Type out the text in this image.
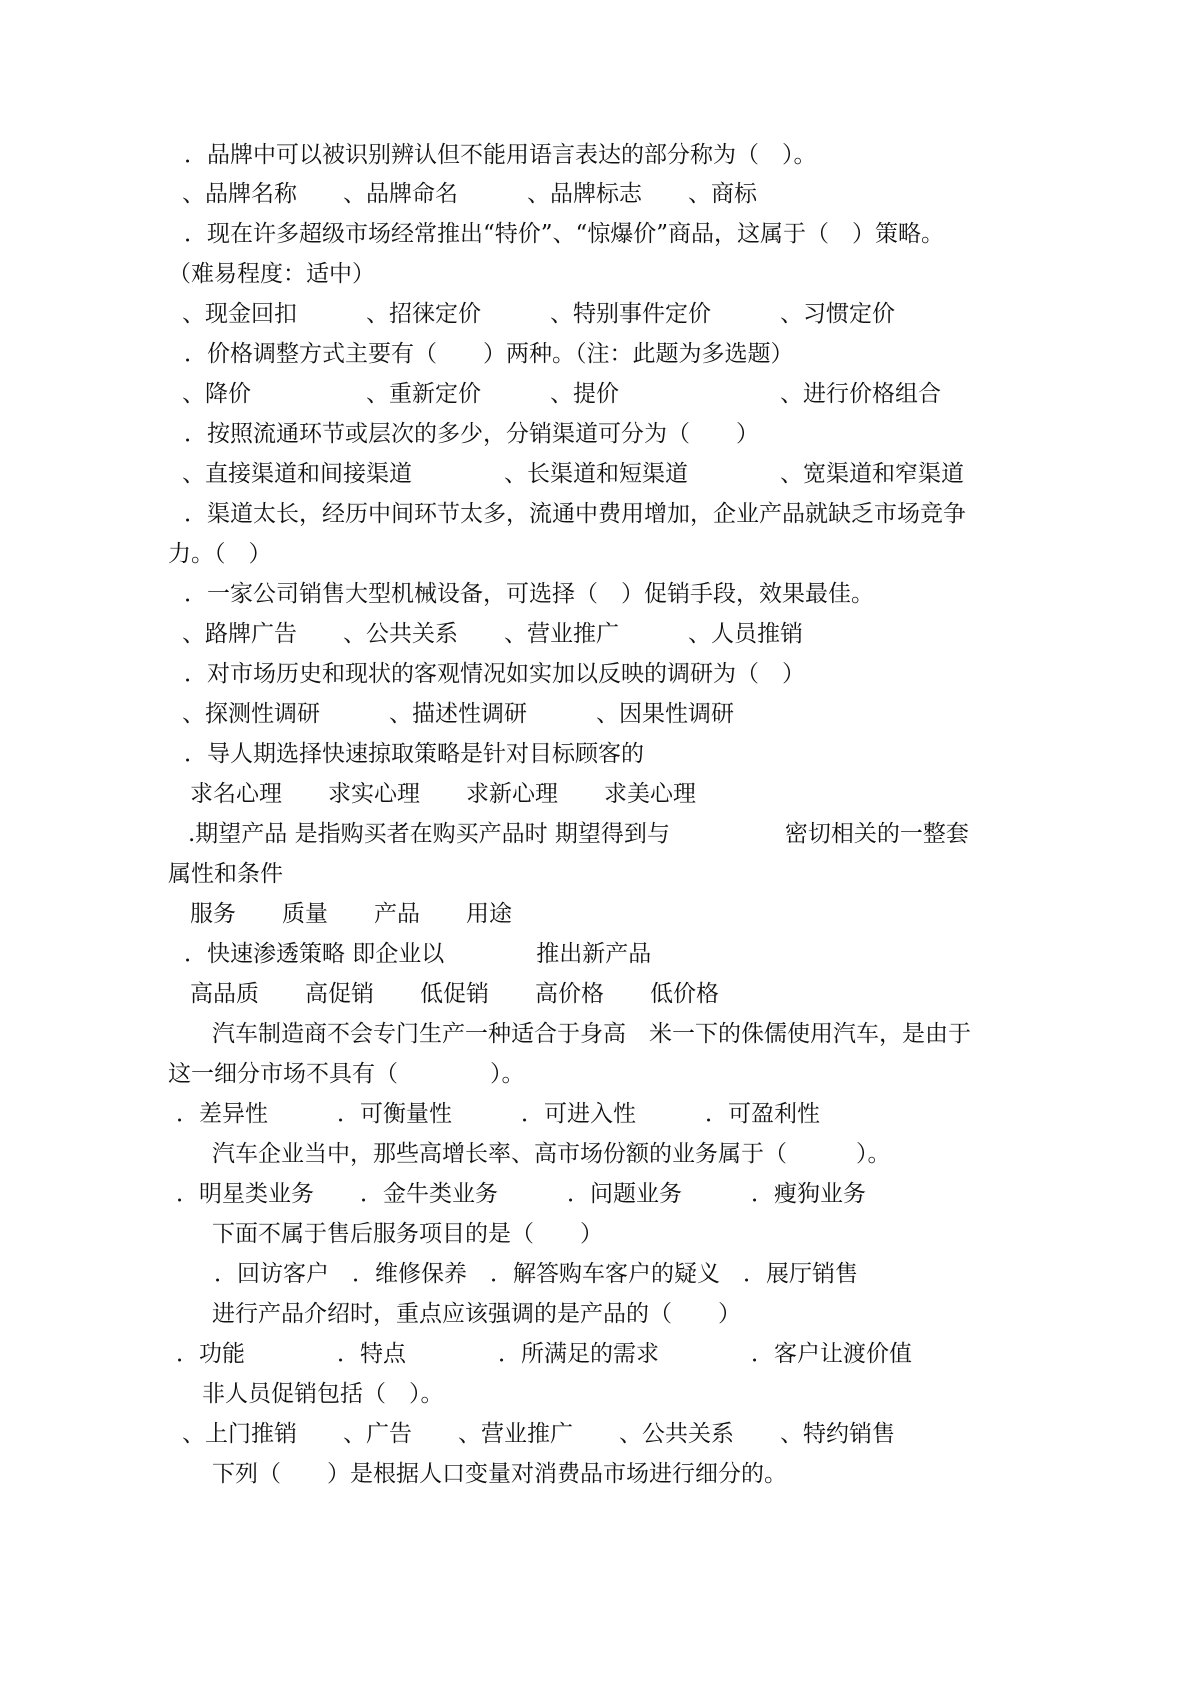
．品牌中可以被识别辨认但不能用语言表达的部分称为（　）。
、品牌名称　　、品牌命名　　　、品牌标志　　、商标
．现在许多超级市场经常推出“特价”、“惊爆价”商品，这属于（　）策略。
（难易程度：适中）
、现金回扣　　　、招徕定价　　　、特别事件定价　　　、习惯定价
．价格调整方式主要有（　　）两种。（注：此题为多选题）
、降价　　　　　、重新定价　　　、提价　　　　　　　、进行价格组合
．按照流通环节或层次的多少，分销渠道可分为（　　）
、直接渠道和间接渠道　　　　、长渠道和短渠道　　　　、宽渠道和窄渠道
．渠道太长，经历中间环节太多，流通中费用增加，企业产品就缺乏市场竞争
力。（　）
．一家公司销售大型机械设备，可选择（　）促销手段，效果最佳。
、路牌广告　　、公共关系　　、营业推广　　　、人员推销
．对市场历史和现状的客观情况如实加以反映的调研为（　）
、探测性调研　　　、描述性调研　　　、因果性调研
．导人期选择快速掠取策略是针对目标顾客的
求名心理　　求实心理　　求新心理　　求美心理
.期望产品 是指购买者在购买产品时 期望得到与　　　　　密切相关的一整套
属性和条件
服务　　质量　　产品　　用途
．快速渗透策略 即企业以　　　　推出新产品
高品质　　高促销　　低促销　　高价格　　低价格
汽车制造商不会专门生产一种适合于身高　米一下的侏儒使用汽车，是由于
这一细分市场不具有（　　　　）。
．差异性　　　．可衡量性　　　．可进入性　　　．可盈利性
汽车企业当中，那些高增长率、高市场份额的业务属于（　　　）。
．明星类业务　　．金牛类业务　　　．问题业务　　　．瘦狗业务
下面不属于售后服务项目的是（　　）
．回访客户　．维修保养　．解答购车客户的疑义　．展厅销售
进行产品介绍时，重点应该强调的是产品的（　　）
．功能　　　　．特点　　　　．所满足的需求　　　　．客户让渡价值
非人员促销包括（　）。
、上门推销　　、广告　　、营业推广　　、公共关系　　、特约销售
下列（　　）是根据人口变量对消费品市场进行细分的。
